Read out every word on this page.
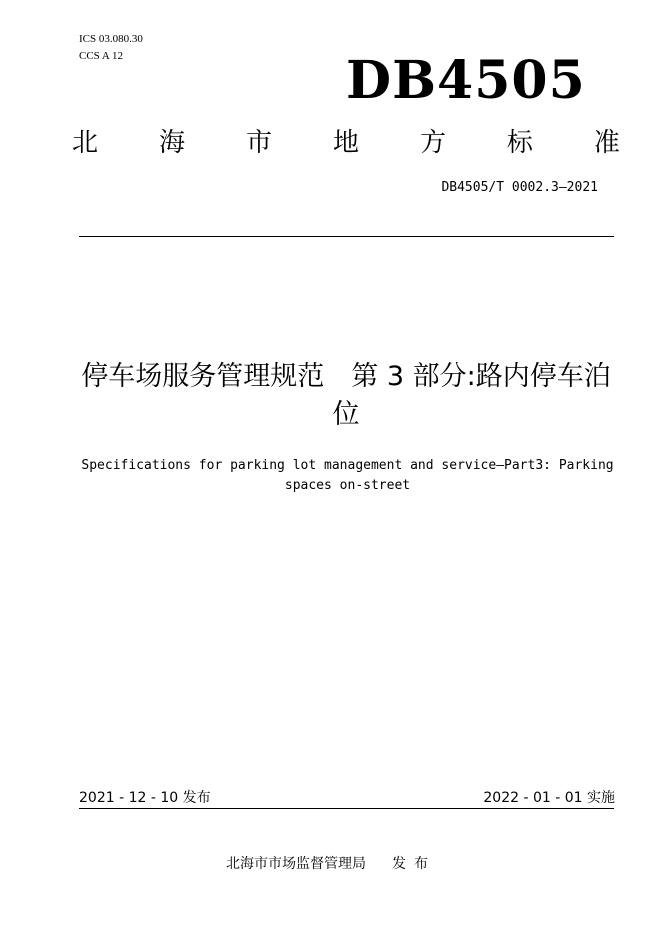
ICS 03.080.30
CCS A 12	DB4505
北 海 市 地 方 标 准
DB4505/T 0002.3—2021
停车场服务管理规范　第 3 部分:路内停车泊位
Specifications for parking lot management and service—Part3: Parking spaces on-street
2021 - 12 - 10 发布	2022 - 01 - 01 实施
北海市市场监督管理局 发布
